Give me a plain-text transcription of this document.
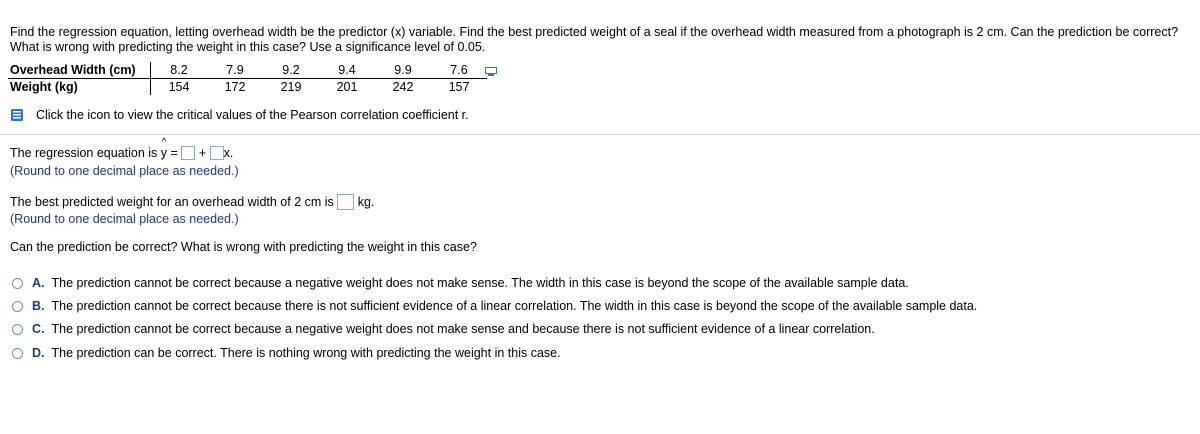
Find the regression equation, letting overhead width be the predictor (x) variable. Find the best predicted weight of a seal if the overhead width measured from a photograph is 2 cm. Can the prediction be correct? What is wrong with predicting the weight in this case? Use a significance level of 0.05.
Overhead Width (cm)	8.2	7.9	9.2	9.4	9.9	7.6
Weight (kg)	154	172	219	201	242	157
Click the icon to view the critical values of the Pearson correlation coefficient r.
The regression equation is
^
y = + x.
(Round to one decimal place as needed.)
The best predicted weight for an overhead width of 2 cm is kg.
(Round to one decimal place as needed.)
Can the prediction be correct? What is wrong with predicting the weight in this case?
A. The prediction cannot be correct because a negative weight does not make sense. The width in this case is beyond the scope of the available sample data.
B. The prediction cannot be correct because there is not sufficient evidence of a linear correlation. The width in this case is beyond the scope of the available sample data.
C. The prediction cannot be correct because a negative weight does not make sense and because there is not sufficient evidence of a linear correlation.
D. The prediction can be correct. There is nothing wrong with predicting the weight in this case.
